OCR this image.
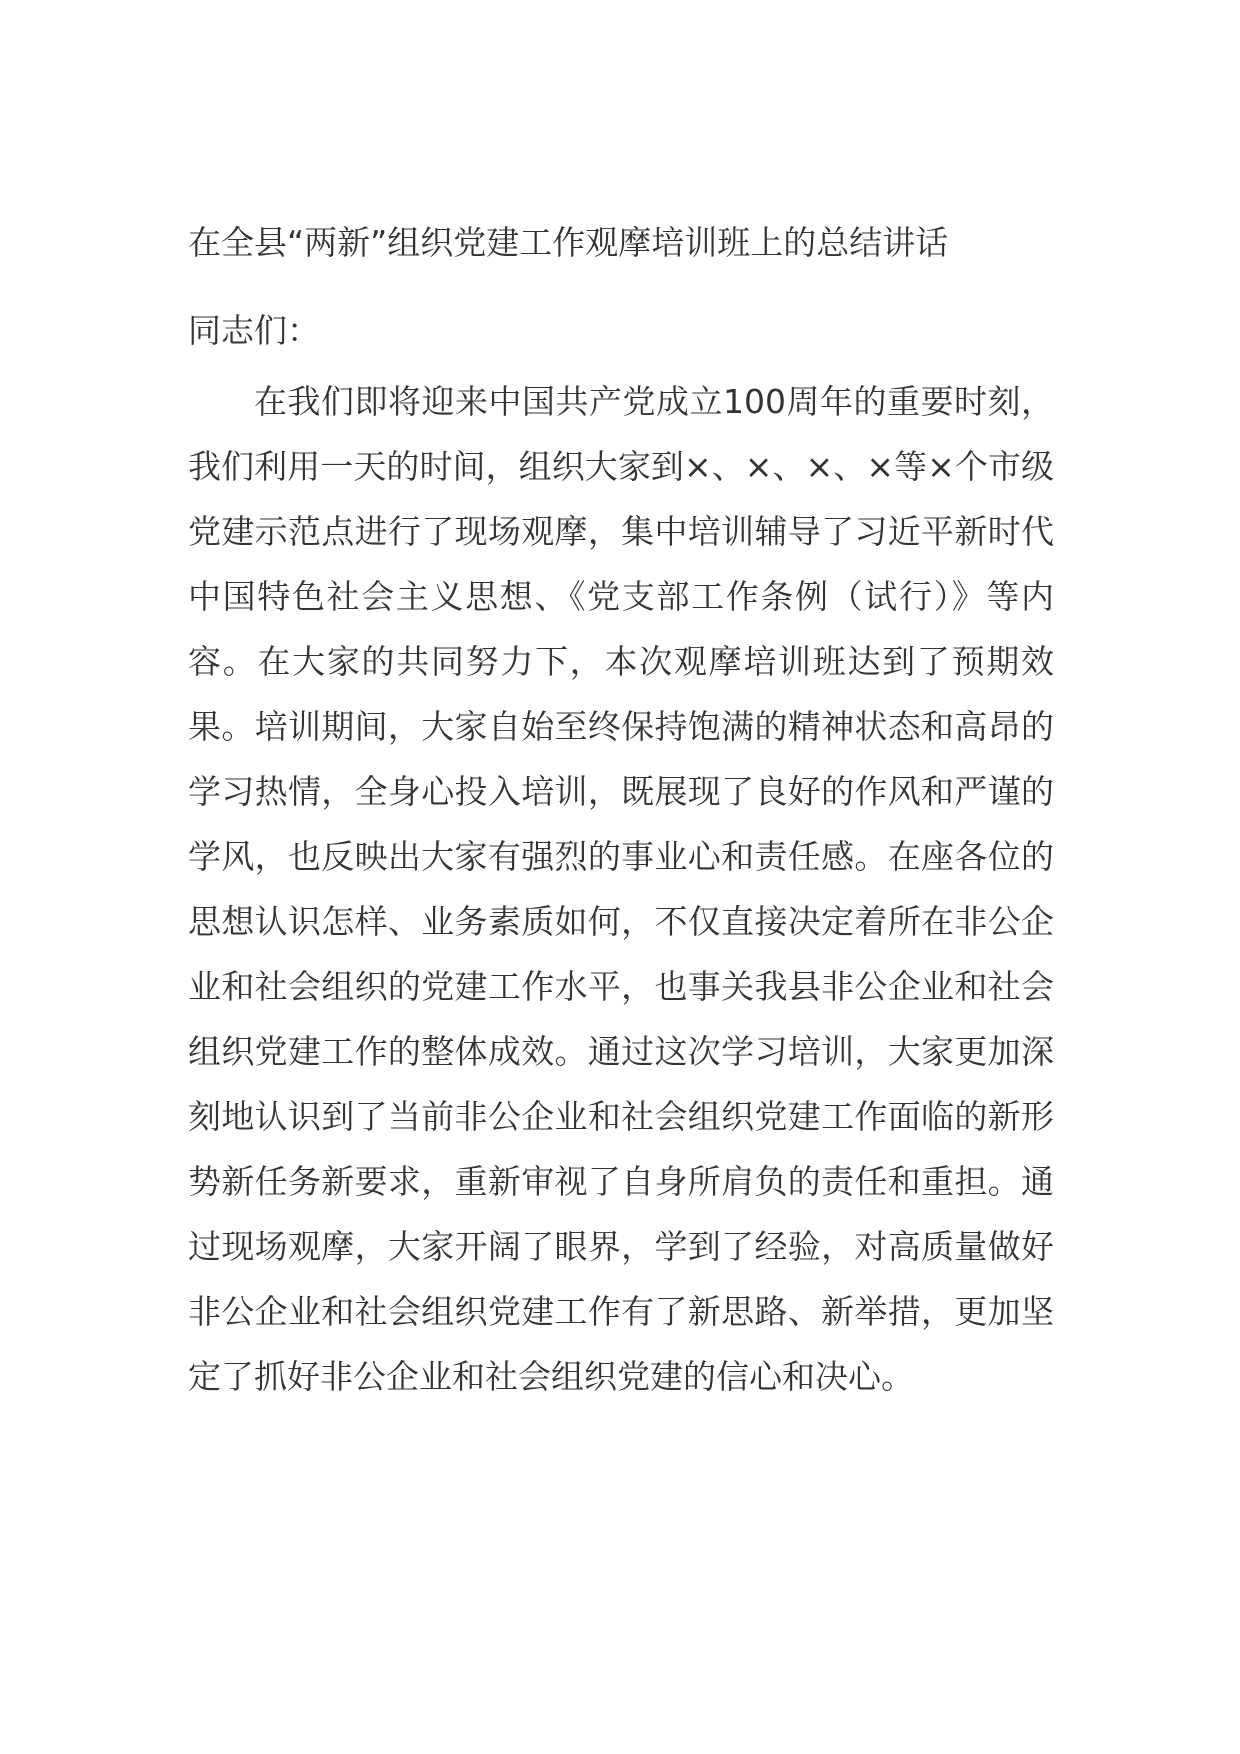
在全县“两新”组织党建工作观摩培训班上的总结讲话

同志们：

在我们即将迎来中国共产党成立100周年的重要时刻，我们利用一天的时间，组织大家到×、×、×、×等×个市级党建示范点进行了现场观摩，集中培训辅导了习近平新时代中国特色社会主义思想、《党支部工作条例（试行）》等内容。在大家的共同努力下，本次观摩培训班达到了预期效果。培训期间，大家自始至终保持饱满的精神状态和高昂的学习热情，全身心投入培训，既展现了良好的作风和严谨的学风，也反映出大家有强烈的事业心和责任感。在座各位的思想认识怎样、业务素质如何，不仅直接决定着所在非公企业和社会组织的党建工作水平，也事关我县非公企业和社会组织党建工作的整体成效。通过这次学习培训，大家更加深刻地认识到了当前非公企业和社会组织党建工作面临的新形势新任务新要求，重新审视了自身所肩负的责任和重担。通过现场观摩，大家开阔了眼界，学到了经验，对高质量做好非公企业和社会组织党建工作有了新思路、新举措，更加坚定了抓好非公企业和社会组织党建的信心和决心。
